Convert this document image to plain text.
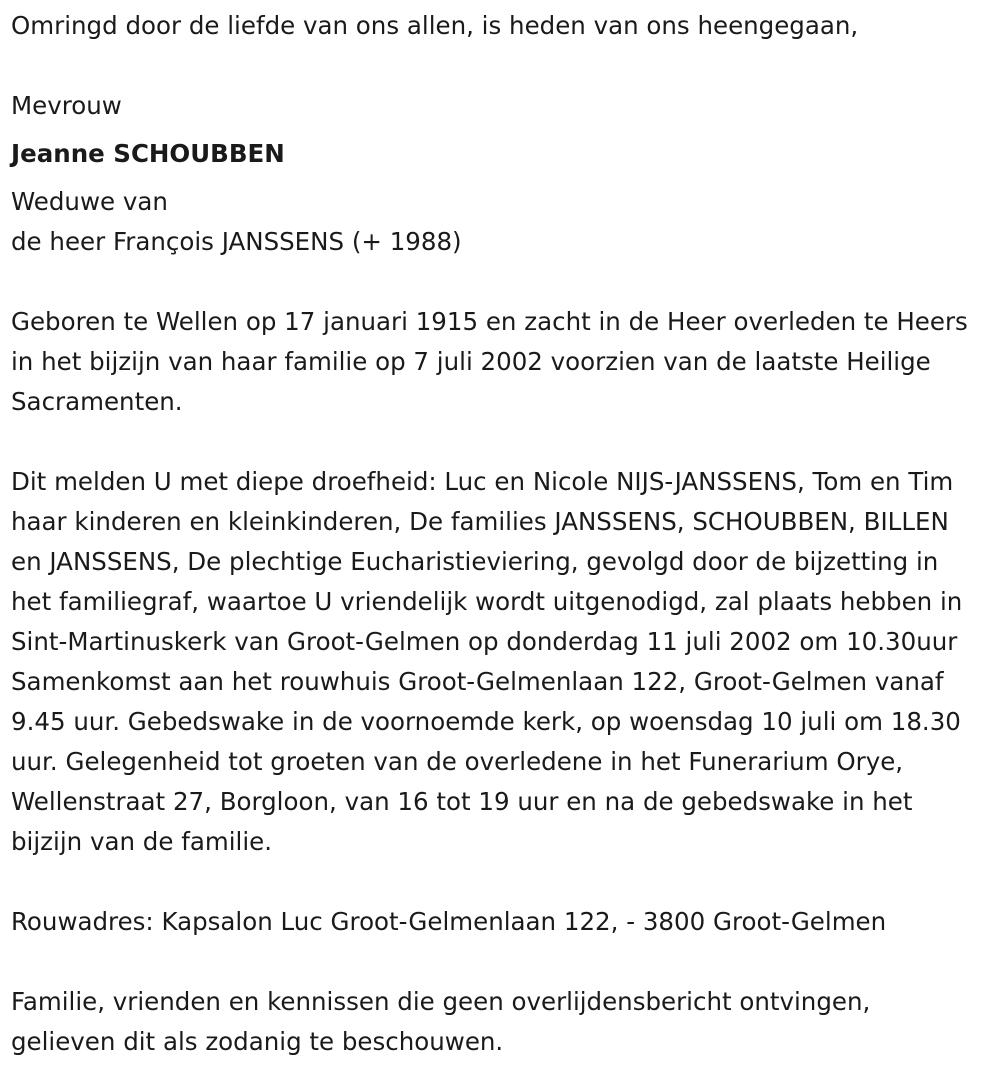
Omringd door de liefde van ons allen, is heden van ons heengegaan,

Mevrouw

Jeanne SCHOUBBEN

Weduwe van

de heer François JANSSENS (+ 1988)

Geboren te Wellen op 17 januari 1915 en zacht in de Heer overleden te Heers in het bijzijn van haar familie op 7 juli 2002 voorzien van de laatste Heilige Sacramenten.

Dit melden U met diepe droefheid: Luc en Nicole NIJS-JANSSENS, Tom en Tim haar kinderen en kleinkinderen, De families JANSSENS, SCHOUBBEN, BILLEN en JANSSENS, De plechtige Eucharistieviering, gevolgd door de bijzetting in het familiegraf, waartoe U vriendelijk wordt uitgenodigd, zal plaats hebben in Sint-Martinuskerk van Groot-Gelmen op donderdag 11 juli 2002 om 10.30uur Samenkomst aan het rouwhuis Groot-Gelmenlaan 122, Groot-Gelmen vanaf 9.45 uur. Gebedswake in de voornoemde kerk, op woensdag 10 juli om 18.30 uur. Gelegenheid tot groeten van de overledene in het Funerarium Orye, Wellenstraat 27, Borgloon, van 16 tot 19 uur en na de gebedswake in het bijzijn van de familie.

Rouwadres: Kapsalon Luc Groot-Gelmenlaan 122, - 3800 Groot-Gelmen

Familie, vrienden en kennissen die geen overlijdensbericht ontvingen, gelieven dit als zodanig te beschouwen.
